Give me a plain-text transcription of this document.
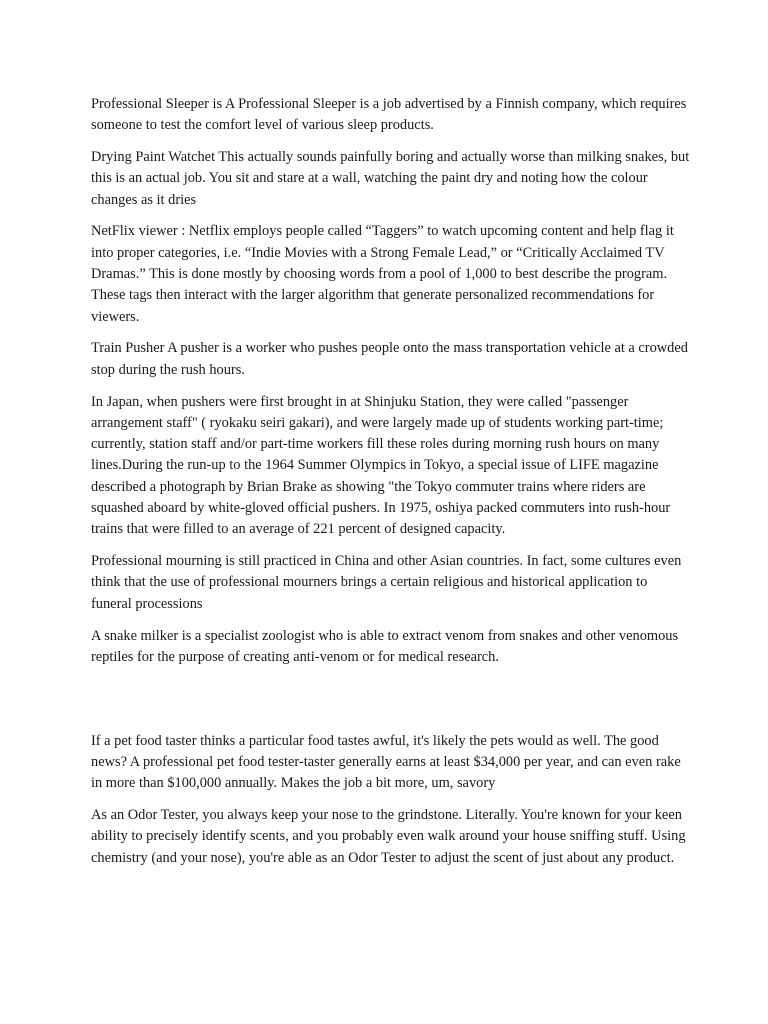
Professional Sleeper is A Professional Sleeper is a job advertised by a Finnish company, which requires someone to test the comfort level of various sleep products.

Drying Paint Watchet This actually sounds painfully boring and actually worse than milking snakes, but this is an actual job. You sit and stare at a wall, watching the paint dry and noting how the colour changes as it dries

NetFlix viewer : Netflix employs people called “Taggers” to watch upcoming content and help flag it into proper categories, i.e. “Indie Movies with a Strong Female Lead,” or “Critically Acclaimed TV Dramas.” This is done mostly by choosing words from a pool of 1,000 to best describe the program. These tags then interact with the larger algorithm that generate personalized recommendations for viewers.

Train Pusher A pusher is a worker who pushes people onto the mass transportation vehicle at a crowded stop during the rush hours.

In Japan, when pushers were first brought in at Shinjuku Station, they were called "passenger arrangement staff" ( ryokaku seiri gakari), and were largely made up of students working part-time; currently, station staff and/or part-time workers fill these roles during morning rush hours on many lines.During the run-up to the 1964 Summer Olympics in Tokyo, a special issue of LIFE magazine described a photograph by Brian Brake as showing "the Tokyo commuter trains where riders are squashed aboard by white-gloved official pushers. In 1975, oshiya packed commuters into rush-hour trains that were filled to an average of 221 percent of designed capacity.

Professional mourning is still practiced in China and other Asian countries. In fact, some cultures even think that the use of professional mourners brings a certain religious and historical application to funeral processions

A snake milker is a specialist zoologist who is able to extract venom from snakes and other venomous reptiles for the purpose of creating anti-venom or for medical research.

If a pet food taster thinks a particular food tastes awful, it's likely the pets would as well. The good news? A professional pet food tester-taster generally earns at least $34,000 per year, and can even rake in more than $100,000 annually. Makes the job a bit more, um, savory

As an Odor Tester, you always keep your nose to the grindstone. Literally. You're known for your keen ability to precisely identify scents, and you probably even walk around your house sniffing stuff. Using chemistry (and your nose), you're able as an Odor Tester to adjust the scent of just about any product.
